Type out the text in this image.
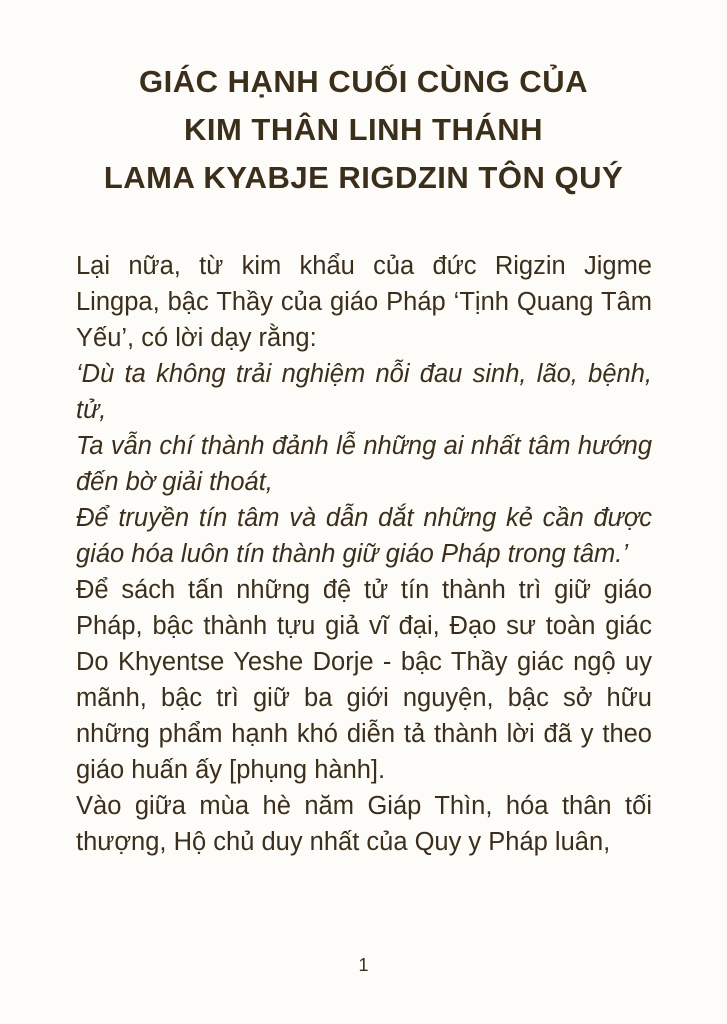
GIÁC HẠNH CUỐI CÙNG CỦA
KIM THÂN LINH THÁNH
LAMA KYABJE RIGDZIN TÔN QUÝ

Lại nữa, từ kim khẩu của đức Rigzin Jigme Lingpa, bậc Thầy của giáo Pháp ‘Tịnh Quang Tâm Yếu’, có lời dạy rằng:

‘Dù ta không trải nghiệm nỗi đau sinh, lão, bệnh, tử,

Ta vẫn chí thành đảnh lễ những ai nhất tâm hướng đến bờ giải thoát,

Để truyền tín tâm và dẫn dắt những kẻ cần được giáo hóa luôn tín thành giữ giáo Pháp trong tâm.’

Để sách tấn những đệ tử tín thành trì giữ giáo Pháp, bậc thành tựu giả vĩ đại, Đạo sư toàn giác Do Khyentse Yeshe Dorje - bậc Thầy giác ngộ uy mãnh, bậc trì giữ ba giới nguyện, bậc sở hữu những phẩm hạnh khó diễn tả thành lời đã y theo giáo huấn ấy [phụng hành].

Vào giữa mùa hè năm Giáp Thìn, hóa thân tối thượng, Hộ chủ duy nhất của Quy y Pháp luân,

1
